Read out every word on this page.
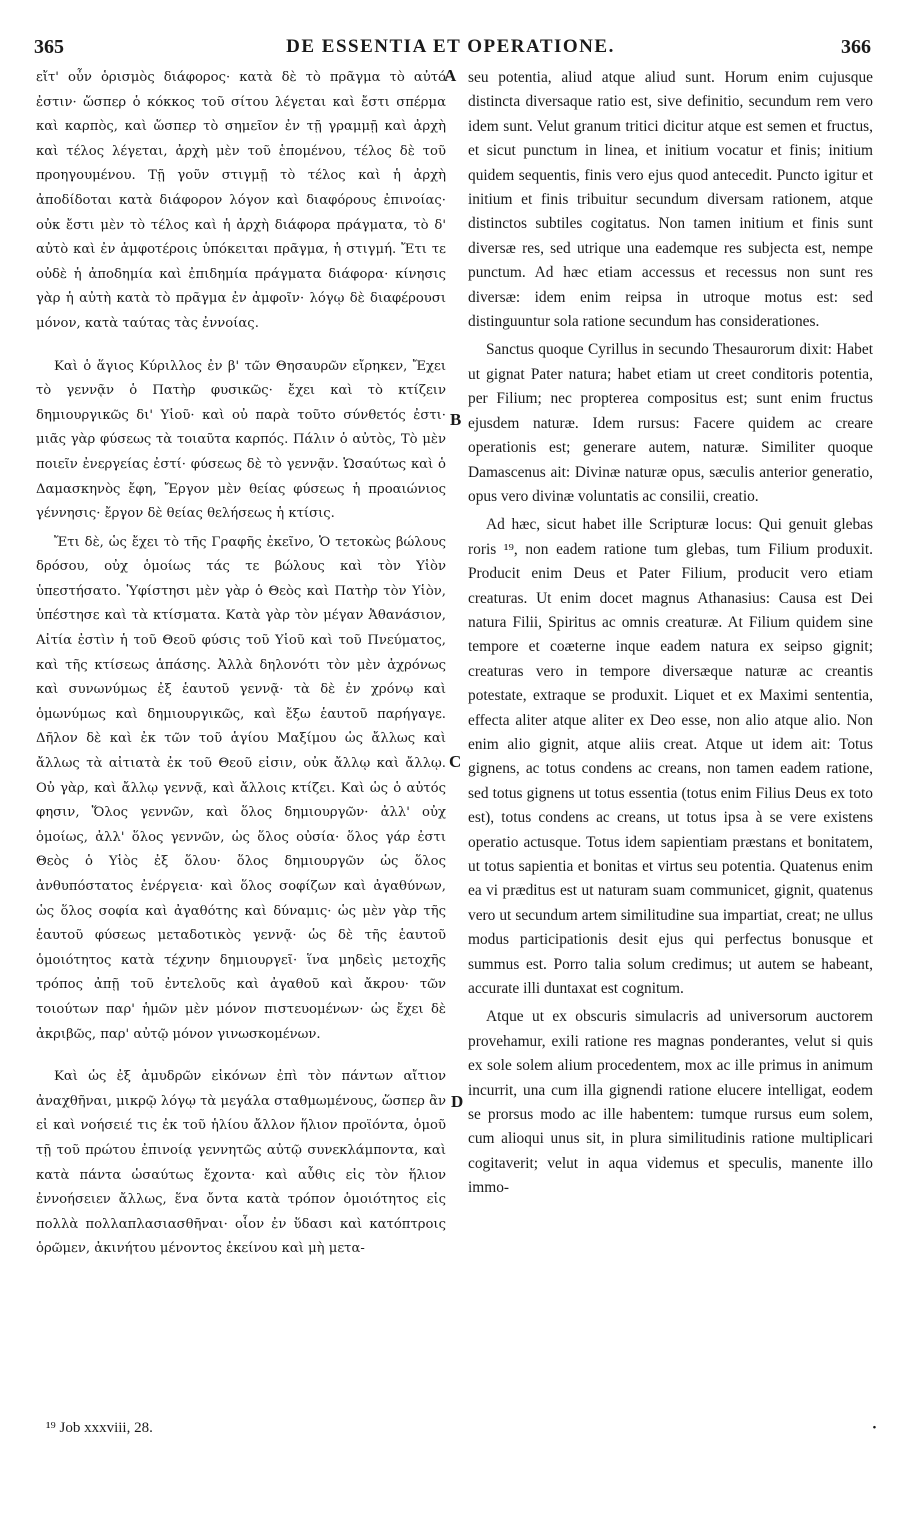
365	DE ESSENTIA ET OPERATIONE.	366

εἴτ' οὖν ὁρισμὸς διάφορος· κατὰ δὲ τὸ πρᾶγμα τὸ αὐτό ἐστιν· ὥσπερ ὁ κόκκος τοῦ σίτου λέγεται καὶ ἔστι σπέρμα καὶ καρπὸς, καὶ ὥσπερ τὸ σημεῖον ἐν τῇ γραμμῇ καὶ ἀρχὴ καὶ τέλος λέγεται, ἀρχὴ μὲν τοῦ ἑπομένου, τέλος δὲ τοῦ προηγουμένου. Τῇ γοῦν στιγμῇ τὸ τέλος καὶ ἡ ἀρχὴ ἀποδίδοται κατὰ διάφορον λόγον καὶ διαφόρους ἐπινοίας· οὐκ ἔστι μὲν τὸ τέλος καὶ ἡ ἀρχὴ διάφορα πράγματα, τὸ δ' αὐτὸ καὶ ἐν ἀμφοτέροις ὑπόκειται πρᾶγμα, ἡ στιγμή. Ἔτι τε οὐδὲ ἡ ἀποδημία καὶ ἐπιδημία πράγματα διάφορα· κίνησις γὰρ ἡ αὐτὴ κατὰ τὸ πρᾶγμα ἐν ἀμφοῖν· λόγῳ δὲ διαφέρουσι μόνον, κατὰ ταύτας τὰς ἐννοίας.

Καὶ ὁ ἅγιος Κύριλλος ἐν β' τῶν Θησαυρῶν εἴρηκεν, Ἔχει τὸ γεννᾷν ὁ Πατὴρ φυσικῶς· ἔχει καὶ τὸ κτίζειν δημιουργικῶς δι' Υἱοῦ· καὶ οὐ παρὰ τοῦτο σύνθετός ἐστι· μιᾶς γὰρ φύσεως τὰ τοιαῦτα καρπός. Πάλιν ὁ αὐτὸς, Τὸ μὲν ποιεῖν ἐνεργείας ἐστί· φύσεως δὲ τὸ γεννᾷν. Ὡσαύτως καὶ ὁ Δαμασκηνὸς ἔφη, Ἔργον μὲν θείας φύσεως ἡ προαιώνιος γέννησις· ἔργον δὲ θείας θελήσεως ἡ κτίσις.

Ἔτι δὲ, ὡς ἔχει τὸ τῆς Γραφῆς ἐκεῖνο, Ὁ τετοκὼς βώλους δρόσου, οὐχ ὁμοίως τάς τε βώλους καὶ τὸν Υἱὸν ὑπεστήσατο. Ὑφίστησι μὲν γὰρ ὁ Θεὸς καὶ Πατὴρ τὸν Υἱὸν, ὑπέστησε καὶ τὰ κτίσματα. Κατὰ γὰρ τὸν μέγαν Ἀθανάσιον, Αἰτία ἐστὶν ἡ τοῦ Θεοῦ φύσις τοῦ Υἱοῦ καὶ τοῦ Πνεύματος, καὶ τῆς κτίσεως ἁπάσης. Ἀλλὰ δηλονότι τὸν μὲν ἀχρόνως καὶ συνωνύμως ἐξ ἑαυτοῦ γεννᾷ· τὰ δὲ ἐν χρόνῳ καὶ ὁμωνύμως καὶ δημιουργικῶς, καὶ ἔξω ἑαυτοῦ παρήγαγε. Δῆλον δὲ καὶ ἐκ τῶν τοῦ ἁγίου Μαξίμου ὡς ἄλλως καὶ ἄλλως τὰ αἰτιατὰ ἐκ τοῦ Θεοῦ εἰσιν, οὐκ ἄλλῳ καὶ ἄλλῳ. Οὐ γὰρ, καὶ ἄλλῳ γεννᾷ, καὶ ἄλλοις κτίζει. Καὶ ὡς ὁ αὐτός φησιν, Ὅλος γεννῶν, καὶ ὅλος δημιουργῶν· ἀλλ' οὐχ ὁμοίως, ἀλλ' ὅλος γεννῶν, ὡς ὅλος οὐσία· ὅλος γάρ ἐστι Θεὸς ὁ Υἱὸς ἐξ ὅλου· ὅλος δημιουργῶν ὡς ὅλος ἀνθυπόστατος ἐνέργεια· καὶ ὅλος σοφίζων καὶ ἀγαθύνων, ὡς ὅλος σοφία καὶ ἀγαθότης καὶ δύναμις· ὡς μὲν γὰρ τῆς ἑαυτοῦ φύσεως μεταδοτικὸς γεννᾷ· ὡς δὲ τῆς ἑαυτοῦ ὁμοιότητος κατὰ τέχνην δημιουργεῖ· ἵνα μηδεὶς μετοχῆς τρόπος ἀπῇ τοῦ ἐντελοῦς καὶ ἀγαθοῦ καὶ ἄκρου· τῶν τοιούτων παρ' ἡμῶν μὲν μόνον πιστευομένων· ὡς ἔχει δὲ ἀκριβῶς, παρ' αὐτῷ μόνον γινωσκομένων.

Καὶ ὡς ἐξ ἀμυδρῶν εἰκόνων ἐπὶ τὸν πάντων αἴτιον ἀναχθῆναι, μικρῷ λόγῳ τὰ μεγάλα σταθμωμένους, ὥσπερ ἂν εἰ καὶ νοήσειέ τις ἐκ τοῦ ἡλίου ἄλλον ἥλιον προϊόντα, ὁμοῦ τῇ τοῦ πρώτου ἐπινοίᾳ γεννητῶς αὐτῷ συνεκλάμποντα, καὶ κατὰ πάντα ὡσαύτως ἔχοντα· καὶ αὖθις εἰς τὸν ἥλιον ἐννοήσειεν ἄλλως, ἕνα ὄντα κατὰ τρόπον ὁμοιότητος εἰς πολλὰ πολλαπλασιασθῆναι· οἷον ἐν ὕδασι καὶ κατόπτροις ὁρῶμεν, ἀκινήτου μένοντος ἐκείνου καὶ μὴ μετα-

A
B
C
D

seu potentia, aliud atque aliud sunt. Horum enim cujusque distincta diversaque ratio est, sive definitio, secundum rem vero idem sunt. Velut granum tritici dicitur atque est semen et fructus, et sicut punctum in linea, et initium vocatur et finis; initium quidem sequentis, finis vero ejus quod antecedit. Puncto igitur et initium et finis tribuitur secundum diversam rationem, atque distinctos subtiles cogitatus. Non tamen initium et finis sunt diversæ res, sed utrique una eademque res subjecta est, nempe punctum. Ad hæc etiam accessus et recessus non sunt res diversæ: idem enim reipsa in utroque motus est: sed distinguuntur sola ratione secundum has considerationes.

Sanctus quoque Cyrillus in secundo Thesaurorum dixit: Habet ut gignat Pater natura; habet etiam ut creet conditoris potentia, per Filium; nec propterea compositus est; sunt enim fructus ejusdem naturæ. Idem rursus: Facere quidem ac creare operationis est; generare autem, naturæ. Similiter quoque Damascenus ait: Divinæ naturæ opus, sæculis anterior generatio, opus vero divinæ voluntatis ac consilii, creatio.

Ad hæc, sicut habet ille Scripturæ locus: Qui genuit glebas roris ¹⁹, non eadem ratione tum glebas, tum Filium produxit. Producit enim Deus et Pater Filium, producit vero etiam creaturas. Ut enim docet magnus Athanasius: Causa est Dei natura Filii, Spiritus ac omnis creaturæ. At Filium quidem sine tempore et coæterne inque eadem natura ex seipso gignit; creaturas vero in tempore diversæque naturæ ac creantis potestate, extraque se produxit. Liquet et ex Maximi sententia, effecta aliter atque aliter ex Deo esse, non alio atque alio. Non enim alio gignit, atque aliis creat. Atque ut idem ait: Totus gignens, ac totus condens ac creans, non tamen eadem ratione, sed totus gignens ut totus essentia (totus enim Filius Deus ex toto est), totus condens ac creans, ut totus ipsa à se vere existens operatio actusque. Totus idem sapientiam præstans et bonitatem, ut totus sapientia et bonitas et virtus seu potentia. Quatenus enim ea vi præditus est ut naturam suam communicet, gignit, quatenus vero ut secundum artem similitudine sua impartiat, creat; ne ullus modus participationis desit ejus qui perfectus bonusque et summus est. Porro talia solum credimus; ut autem se habeant, accurate illi duntaxat est cognitum.

Atque ut ex obscuris simulacris ad universorum auctorem provehamur, exili ratione res magnas ponderantes, velut si quis ex sole solem alium procedentem, mox ac ille primus in animum incurrit, una cum illa gignendi ratione elucere intelligat, eodem se prorsus modo ac ille habentem: tumque rursus eum solem, cum alioqui unus sit, in plura similitudinis ratione multiplicari cogitaverit; velut in aqua videmus et speculis, manente illo immo-

¹⁹ Job xxxviii, 28.	·
